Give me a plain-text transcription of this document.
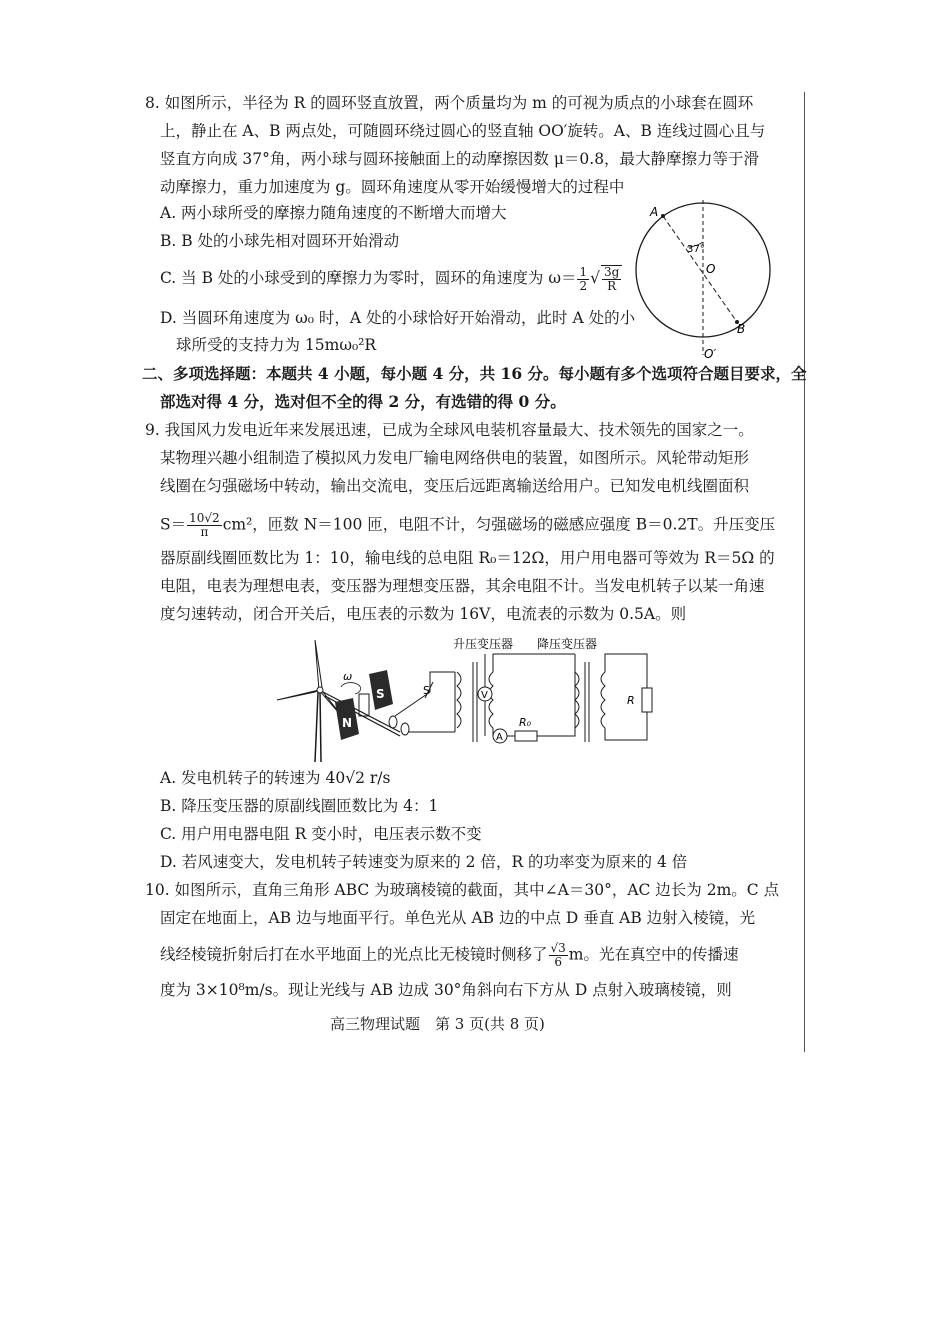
8. 如图所示，半径为 R 的圆环竖直放置，两个质量均为 m 的可视为质点的小球套在圆环
上，静止在 A、B 两点处，可随圆环绕过圆心的竖直轴 OO′旋转。A、B 连线过圆心且与
竖直方向成 37°角，两小球与圆环接触面上的动摩擦因数 μ＝0.8，最大静摩擦力等于滑
动摩擦力，重力加速度为 g。圆环角速度从零开始缓慢增大的过程中
A. 两小球所受的摩擦力随角速度的不断增大而增大
B. B 处的小球先相对圆环开始滑动
C. 当 B 处的小球受到的摩擦力为零时，圆环的角速度为 $\omega= \frac{1}{2}$ √ $\frac{3g}{R}$
D. 当圆环角速度为 ω₀ 时，A 处的小球恰好开始滑动，此时 A 处的小
球所受的支持力为 15mω₀²R
A
B
O
37°
O′
二、多项选择题：本题共 4 小题，每小题 4 分，共 16 分。每小题有多个选项符合题目要求，全
部选对得 4 分，选对但不全的得 2 分，有选错的得 0 分。
9. 我国风力发电近年来发展迅速，已成为全球风电装机容量最大、技术领先的国家之一。
某物理兴趣小组制造了模拟风力发电厂输电网络供电的装置，如图所示。风轮带动矩形
线圈在匀强磁场中转动，输出交流电，变压后远距离输送给用户。已知发电机线圈面积
$S= \frac{10√2}{\pi} cm^2$，匝数 N＝100 匝，电阻不计，匀强磁场的磁感应强度 B＝0.2T。升压变压
器原副线圈匝数比为 1：10，输电线的总电阻 R₀＝12Ω，用户用电器可等效为 R＝5Ω 的
电阻，电表为理想电表，变压器为理想变压器，其余电阻不计。当发电机转子以某一角速
度匀速转动，闭合开关后，电压表的示数为 16V，电流表的示数为 0.5A。则
ω
S
N
S
升压变压器
V
A
R₀
降压变压器
R
A. 发电机转子的转速为 40√2 r/s
B. 降压变压器的原副线圈匝数比为 4：1
C. 用户用电器电阻 R 变小时，电压表示数不变
D. 若风速变大，发电机转子转速变为原来的 2 倍，R 的功率变为原来的 4 倍
10. 如图所示，直角三角形 ABC 为玻璃棱镜的截面，其中∠A＝30°，AC 边长为 2m。C 点
固定在地面上，AB 边与地面平行。单色光从 AB 边的中点 D 垂直 AB 边射入棱镜，光
线经棱镜折射后打在水平地面上的光点比无棱镜时侧移了 $\frac{√3}{6}$ m。光在真空中的传播速
度为 3×10⁸m/s。现让光线与 AB 边成 30°角斜向右下方从 D 点射入玻璃棱镜，则
高三物理试题　第 3 页(共 8 页)
